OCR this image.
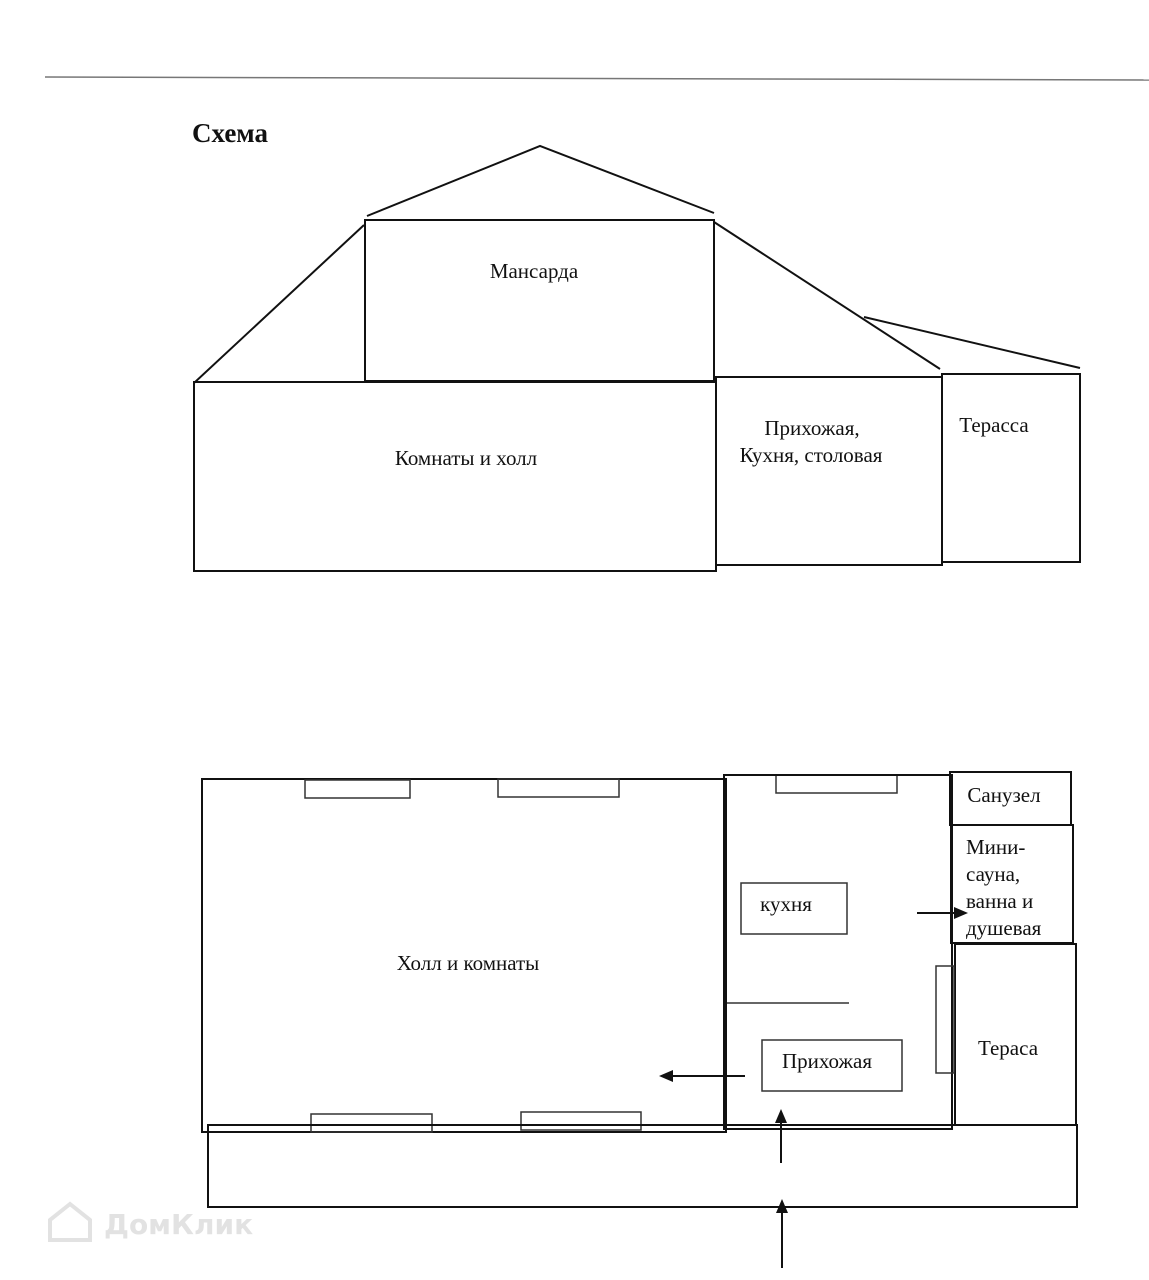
Схема
Мансарда
Комнаты и холл
Прихожая,
Кухня, столовая
Терасса
Холл и комнаты
кухня
Прихожая
Санузел
Мини-
сауна,
ванна и
душевая
Тераса
ДомКлик
